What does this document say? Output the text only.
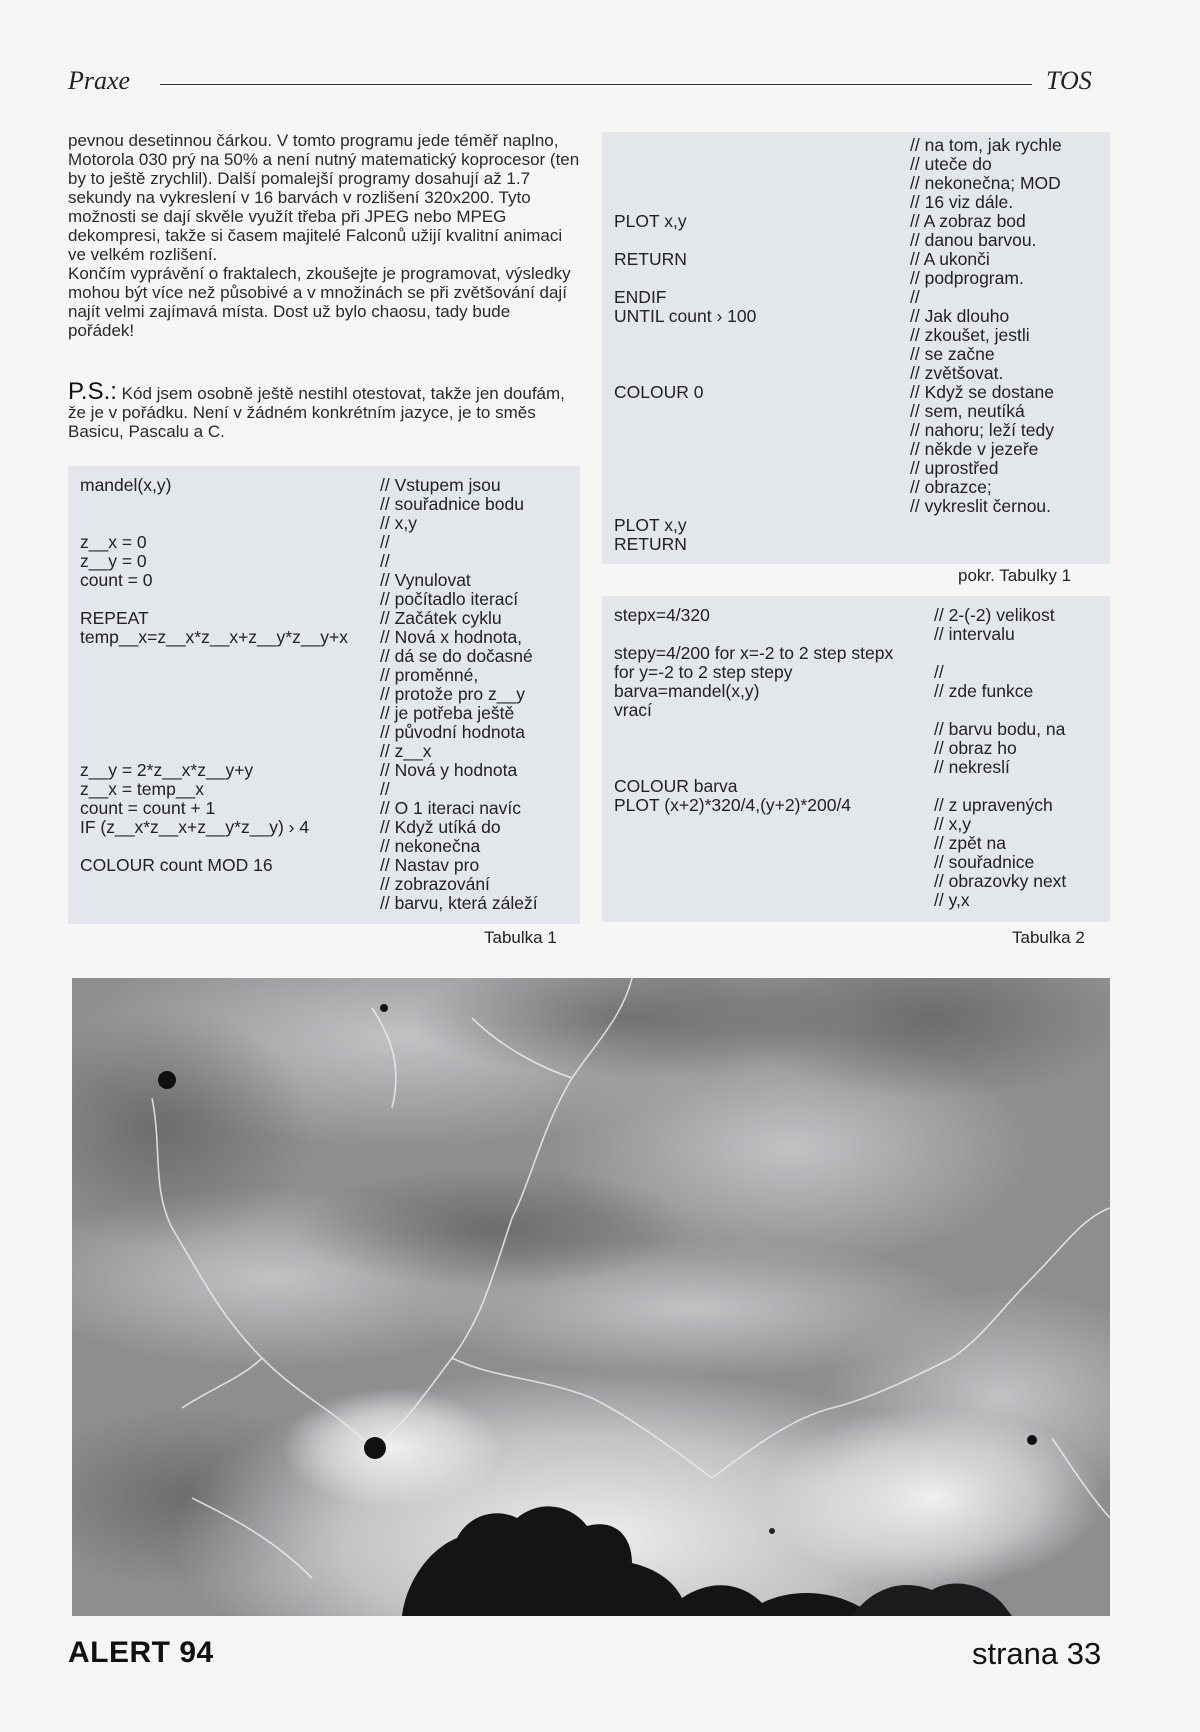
Praxe	TOS

pevnou desetinnou čárkou. V tomto programu jede téměř naplno, Motorola 030 prý na 50% a není nutný matematický koprocesor (ten by to ještě zrychlil). Další pomalejší programy dosahují až 1.7 sekundy na vykreslení v 16 barvách v rozlišení 320x200. Tyto možnosti se dají skvěle využít třeba při JPEG nebo MPEG dekompresi, takže si časem majitelé Falconů užijí kvalitní animaci ve velkém rozlišení.

Končím vyprávění o fraktalech, zkoušejte je programovat, výsledky mohou být více než působivé a v množinách se při zvětšování dají najít velmi zajímavá místa. Dost už bylo chaosu, tady bude pořádek!

P.S.: Kód jsem osobně ještě nestihl otestovat, takže jen doufám, že je v pořádku. Není v žádném konkrétním jazyce, je to směs Basicu, Pascalu a C.

mandel(x,y)
z__x = 0
z__y = 0
count = 0
REPEAT
temp__x=z__x*z__x+z__y*z__y+x
z__y = 2*z__x*z__y+y
z__x = temp__x
count = count + 1
IF (z__x*z__x+z__y*z__y) › 4
COLOUR count MOD 16
// Vstupem jsou
// souřadnice bodu
// x,y
//
//
// Vynulovat
// počítadlo iterací
// Začátek cyklu
// Nová x hodnota,
// dá se do dočasné
// proměnné,
// protože pro z__y
// je potřeba ještě
// původní hodnota
// z__x
// Nová y hodnota
//
// O 1 iteraci navíc
// Když utíká do
// nekonečna
// Nastav pro
// zobrazování
// barvu, která záleží
Tabulka 1
PLOT x,y
RETURN
ENDIF
UNTIL count › 100
COLOUR 0
PLOT x,y
RETURN
// na tom, jak rychle
// uteče do
// nekonečna; MOD
// 16 viz dále.
// A zobraz bod
// danou barvou.
// A ukonči
// podprogram.
//
// Jak dlouho
// zkoušet, jestli
// se začne
// zvětšovat.
// Když se dostane
// sem, neutíká
// nahoru; leží tedy
// někde v jezeře
// uprostřed
// obrazce;
// vykreslit černou.
pokr. Tabulky 1
stepx=4/320
stepy=4/200 for x=-2 to 2 step stepx
for y=-2 to 2 step stepy
barva=mandel(x,y)
vrací
COLOUR barva
PLOT (x+2)*320/4,(y+2)*200/4
// 2-(-2) velikost
// intervalu
//
// zde funkce
// barvu bodu, na
// obraz ho
// nekreslí
// z upravených
// x,y
// zpět na
// souřadnice
// obrazovky next
// y,x
Tabulka 2
ALERT 94	strana 33
